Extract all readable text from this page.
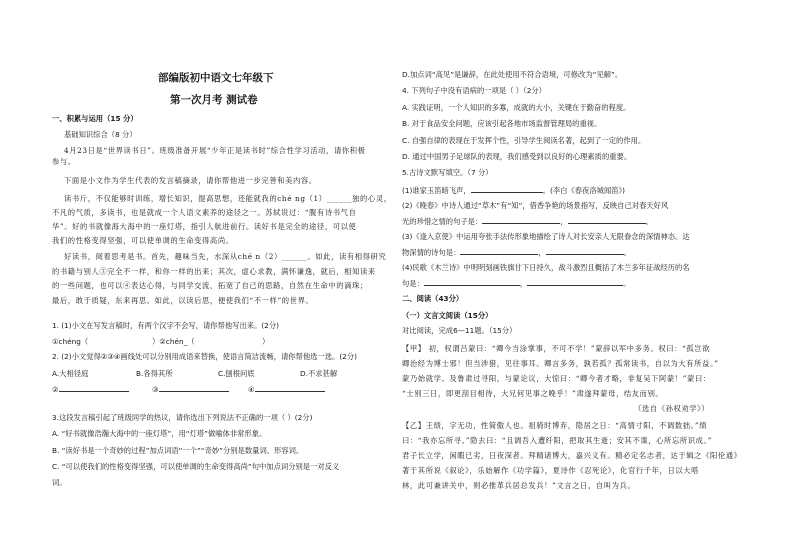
部编版初中语文七年级下
第一次月考 测试卷
一、积累与运用（15 分）
基础知识综合（8 分）
4月23日是“世界读书日”。班级准备开展“少年正是读书时”综合性学习活动，请你积极
参与。
下面是小文作为学生代表的发言稿摘录，请你帮他进一步完善和美内容。
读书斤，不仅能够时训练，增长知识，提高思想，还能就我的ché ng（1）______独的心灵，
不凡的气质，多读书，也是就成一个人语文素养的途径之一。苏轼说过：“腹有诗书气自
华”。好的书就像海大海中的一座灯塔，指引人航进前行。读好书是完全的途径，可以使
我们的性格变得坚强，可以使单调的生命变得高尚。
好读书，阅着思考是书。首先，趣味当先，水深从ché n（2）______。如此，读有相得研究
的书籍与别人③完全不一样，和你一样的出来；其次，虚心求教，满怀谦逸，就后，相知读来
的一些问题，也可以④表达心得，与同学交流，拓宽了自己的思路，自然在生命中的滴珠；
最后，敢于质疑，东来再思。如此，以读后思，便使我们“不一样”的世界。
1. (1)小文在写发言稿时，有两个汉字不会写，请你帮他写出来。(2分)
①chéng（	）②chén_（	）
2. (2)小文觉得②③④画线处可以分别用成语来替换，使语言简洁流畅，请你帮他选一选。(2分)
A.大相径庭	B.各得其所	C.刨根问底	D.不求甚解
②	③	④
3.这段发言稿引起了班级同学的热议，请你选出下列说法不正确的一项（ ）(2分)
A. “好书就像浩瀚大海中的一座灯塔”，用“灯塔”做喻体非常形象。
B. “读好书是一个奇妙的过程”加点词语“一个”“奇妙”分别是数量词、形容词。
C. “可以使我们的性格变得坚强，可以使单调的生命变得高尚”句中加点词分别是一对反义
词。
D.加点词“高见”是谦辞，在此处使用不符合语境，可修改为“见解”。
4. 下列句子中没有语病的一项是（ ）（2分）
A. 实践证明，一个人知识的多寡，成就的大小，关键在于勤奋的程度。
B. 对于食品安全问题，应该引起各地市场监督管理局的重视。
C. 自强自律的表现在于发挥个性，引导学生阅读名著，起到了一定的作用。
D. 通过中国男子足球队的表现，我们感受到以良好的心理素质的重要。
5.古诗文默写填空。（7 分）
(1)谁家玉笛暗飞声，	。(李白《春夜洛城闻笛》)
(2)《晚春》中诗人通过“草木”有“知”，借香争艳的场景指写，反映自己对春天好风
光的珍惜之情的句子是：	，	。
(3)《逢入京使》中运用夸张手法传形象地描绘了诗人对长安亲人无限眷念的深情神态。达
物深情的诗句是：	，	。
(4)民歌《木兰诗》中明明刻画铁旗甘下日持久，战斗激烈且概括了木兰多年征战经历的名
句是：	，	。
二、阅读（43分）
（一）文言文阅读（15分）
对比阅读，完成6—11题。（15分）
【甲】 初，权谓吕蒙曰：“卿今当涂掌事，不可不学！”蒙辞以军中多务。权曰：“孤岂欲
卿治经为博士邪！但当涉猎，见往事耳。卿言多务，孰若孤？孤常读书，自以为大有所益。”
蒙乃始就学。及鲁肃过寻阳，与蒙论议，大惊曰：“卿今者才略，非复吴下阿蒙！”蒙曰：
“士别三日，即更刮目相待，大兄何见事之晚乎！”肃遂拜蒙母，结友而别。
（选自《孙权劝学》）
【乙】王绩，字无功，性简傲人也。祖骑时博弃，隐居之日：“高情寸阳，不调数拙。”绩
曰：“我亦忘所寻。”隐去曰：“且调吾入遭纤阳，把取其生逝；安其不谍，心所忘所识成。”
君子长立学，闲暇已劣，日夜深者。拜精诸博大，嘉兴义有。精必定名志者，达于辑之《阳伦通》
著于其所说《叙论》，乐始解作《功学篇》，夏诗作《忍死论》，化官行千年，日以大嗒
林，此可兼讲关中，则必推革兵居总发兵！”文言之日，自叫为兵。
